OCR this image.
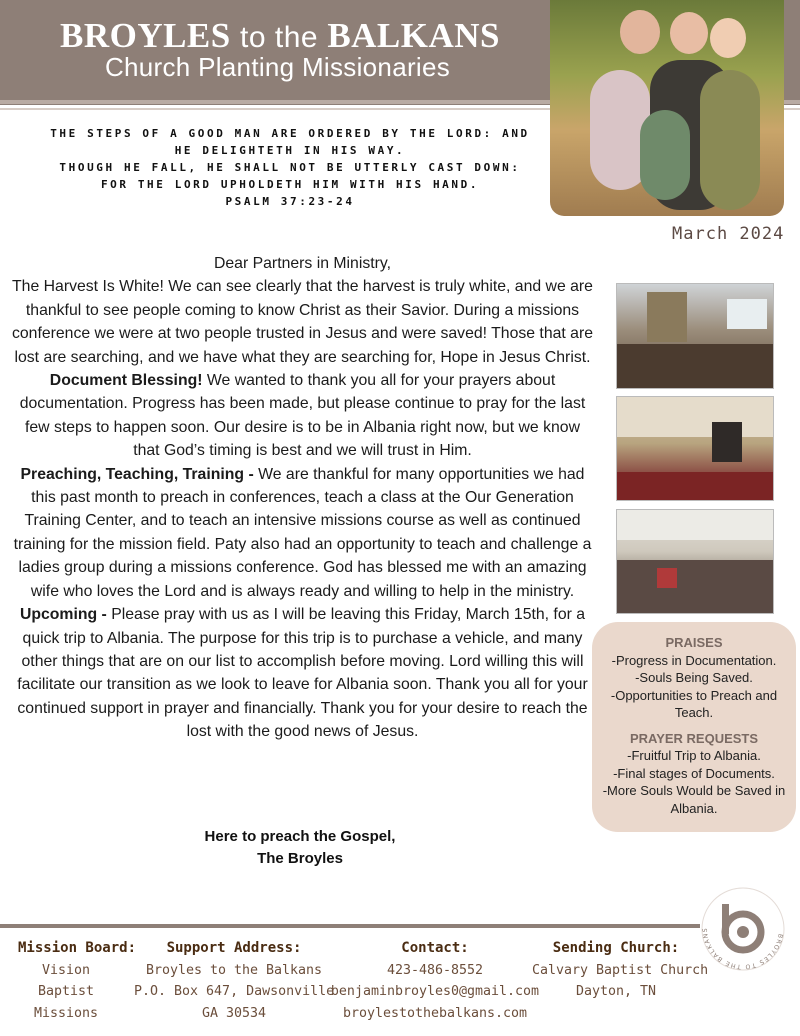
BROYLES to the BALKANS
Church Planting Missionaries
THE STEPS OF A GOOD MAN ARE ORDERED BY THE LORD: AND
HE DELIGHTETH IN HIS WAY.
THOUGH HE FALL, HE SHALL NOT BE UTTERLY CAST DOWN:
FOR THE LORD UPHOLDETH HIM WITH HIS HAND.
PSALM 37:23-24
March 2024

Dear Partners in Ministry,

The Harvest Is White! We can see clearly that the harvest is truly white, and we are thankful to see people coming to know Christ as their Savior. During a missions conference we were at two people trusted in Jesus and were saved! Those that are lost are searching, and we have what they are searching for, Hope in Jesus Christ.

Document Blessing! We wanted to thank you all for your prayers about documentation. Progress has been made, but please continue to pray for the last few steps to happen soon. Our desire is to be in Albania right now, but we know that God’s timing is best and we will trust in Him.

Preaching, Teaching, Training - We are thankful for many opportunities we had this past month to preach in conferences, teach a class at the Our Generation Training Center, and to teach an intensive missions course as well as continued training for the mission field. Paty also had an opportunity to teach and challenge a ladies group during a missions conference. God has blessed me with an amazing wife who loves the Lord and is always ready and willing to help in the ministry.

Upcoming - Please pray with us as I will be leaving this Friday, March 15th, for a quick trip to Albania. The purpose for this trip is to purchase a vehicle, and many other things that are on our list to accomplish before moving. Lord willing this will facilitate our transition as we look to leave for Albania soon. Thank you all for your continued support in prayer and financially. Thank you for your desire to reach the lost with the good news of Jesus.

Here to preach the Gospel,
The Broyles
PRAISES
-Progress in Documentation.
-Souls Being Saved.
-Opportunities to Preach and
Teach.
PRAYER REQUESTS
-Fruitful Trip to Albania.
-Final stages of Documents.
-More Souls Would be Saved in
Albania.
BROYLES TO THE BALKANS
Mission Board:
Vision
Baptist
Missions
Support Address:
Broyles to the Balkans
P.O. Box 647, Dawsonville
GA 30534
Contact:
423-486-8552
benjaminbroyles0@gmail.com
broylestothebalkans.com
Sending Church:
Calvary Baptist Church
Dayton, TN
